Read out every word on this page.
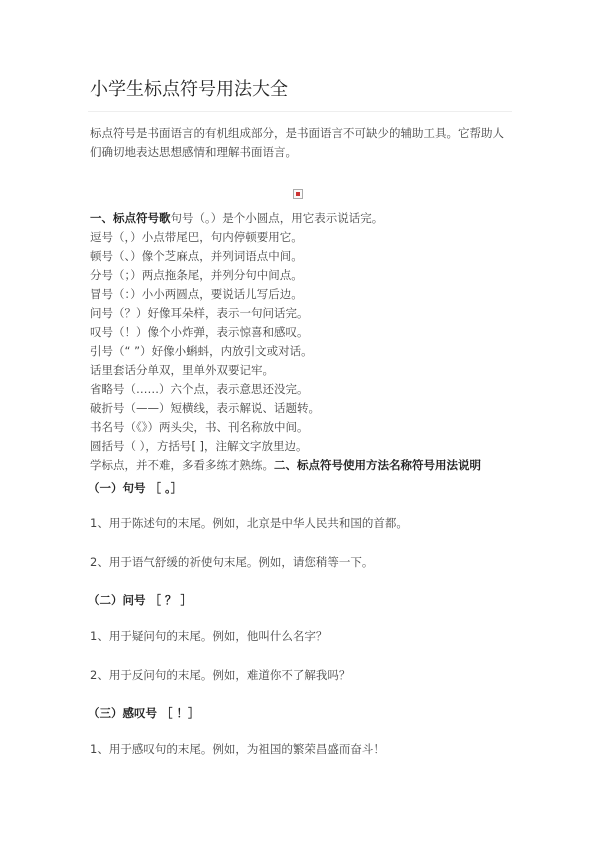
小学生标点符号用法大全
标点符号是书面语言的有机组成部分，是书面语言不可缺少的辅助工具。它帮助人们确切地表达思想感情和理解书面语言。
一、标点符号歌句号（。）是个小圆点，用它表示说话完。
逗号（，）小点带尾巴，句内停顿要用它。
顿号（、）像个芝麻点，并列词语点中间。
分号（；）两点拖条尾，并列分句中间点。
冒号（：）小小两圆点，要说话儿写后边。
问号（？）好像耳朵样，表示一句问话完。
叹号（！）像个小炸弹，表示惊喜和感叹。
引号（“ ”）好像小蝌蚪，内放引文或对话。
话里套话分单双，里单外双要记牢。
省略号（……）六个点，表示意思还没完。
破折号（——）短横线，表示解说、话题转。
书名号（《》）两头尖，书、刊名称放中间。
圆括号（ ），方括号[ ]，注解文字放里边。
学标点，并不难，多看多练才熟练。二、标点符号使用方法名称符号用法说明
（一）句号 ［ 。］
1、用于陈述句的末尾。例如，北京是中华人民共和国的首都。
2、用于语气舒缓的祈使句末尾。例如，请您稍等一下。
（二）问号 ［ ？ ］
1、用于疑问句的末尾。例如，他叫什么名字？
2、用于反问句的末尾。例如，难道你不了解我吗？
（三）感叹号 ［ ！］
1、用于感叹句的末尾。例如，为祖国的繁荣昌盛而奋斗！
